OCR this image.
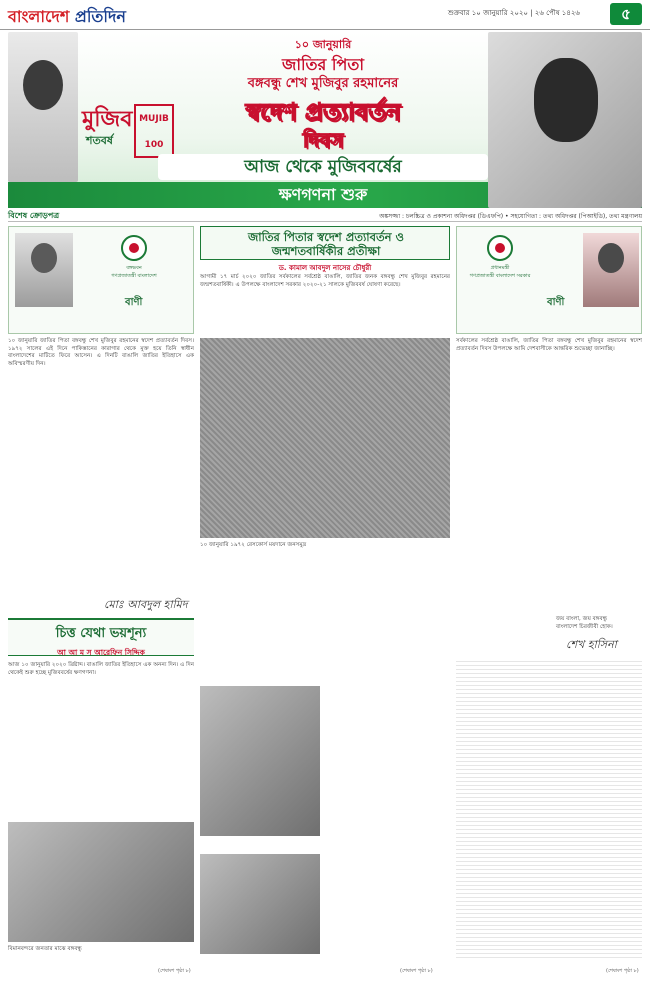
বাংলাদেশ প্রতিদিন	শুক্রবার ১০ জানুয়ারি ২০২০ | ২৬ পৌষ ১৪২৬	৫
মুজিব
শতবর্ষ
MUJIB 100
১০ জানুয়ারি
জাতির পিতা
বঙ্গবন্ধু শেখ মুজিবুর রহমানের
স্বদেশ প্রত্যাবর্তন
দিবস
আজ থেকে মুজিববর্ষের
ক্ষণগণনা শুরু
বিশেষ ক্রোড়পত্র	অঙ্কসজ্জা : চলচ্চিত্র ও প্রকাশনা অধিদপ্তর (ডিএফপি) • সহযোগিতা : তথ্য অধিদপ্তর (পিআইডি), তথ্য মন্ত্রণালয়
বঙ্গভবন
গণপ্রজাতন্ত্রী বাংলাদেশ
বাণী
১০ জানুয়ারি জাতির পিতা বঙ্গবন্ধু শেখ মুজিবুর রহমানের স্বদেশ প্রত্যাবর্তন দিবস। ১৯৭২ সালের এই দিনে পাকিস্তানের কারাগার থেকে মুক্ত হয়ে তিনি স্বাধীন বাংলাদেশের মাটিতে ফিরে আসেন। এ দিনটি বাঙালি জাতির ইতিহাসে এক অবিস্মরণীয় দিন।
মোঃ আবদুল হামিদ
চিত্ত যেথা ভয়শূন্য
আ আ ম স আরেফিন সিদ্দিক
আজ ১০ জানুয়ারি ২০২০ খ্রিষ্টাব্দ। বাঙালি জাতির ইতিহাসে এক অনন্য দিন। এ দিন থেকেই শুরু হচ্ছে মুজিববর্ষের ক্ষণগণনা।
বিমানবন্দরে জনতার মাঝে বঙ্গবন্ধু
(শেষাংশ পৃষ্ঠা ৮)
জাতির পিতার স্বদেশ প্রত্যাবর্তন ও
জন্মশতবার্ষিকীর প্রতীক্ষা
ড. কামাল আবদুল নাসের চৌধুরী
আগামী ১৭ মার্চ ২০২০ জাতির সর্বকালের সর্বশ্রেষ্ঠ বাঙালি, জাতির জনক বঙ্গবন্ধু শেখ মুজিবুর রহমানের জন্মশতবার্ষিকী। এ উপলক্ষে বাংলাদেশ সরকার ২০২০-২১ সালকে মুজিববর্ষ ঘোষণা করেছে।
১০ জানুয়ারি ১৯৭২ রেসকোর্স ময়দানে জনসমুদ্র
(শেষাংশ পৃষ্ঠা ৮)
প্রধানমন্ত্রী
গণপ্রজাতন্ত্রী বাংলাদেশ সরকার
বাণী
সর্বকালের সর্বশ্রেষ্ঠ বাঙালি, জাতির পিতা বঙ্গবন্ধু শেখ মুজিবুর রহমানের স্বদেশ প্রত্যাবর্তন দিবস উপলক্ষে আমি দেশবাসীকে আন্তরিক শুভেচ্ছা জানাচ্ছি।
জয় বাংলা, জয় বঙ্গবন্ধু
বাংলাদেশ চিরজীবী হোক।
শেখ হাসিনা
(শেষাংশ পৃষ্ঠা ৮)
